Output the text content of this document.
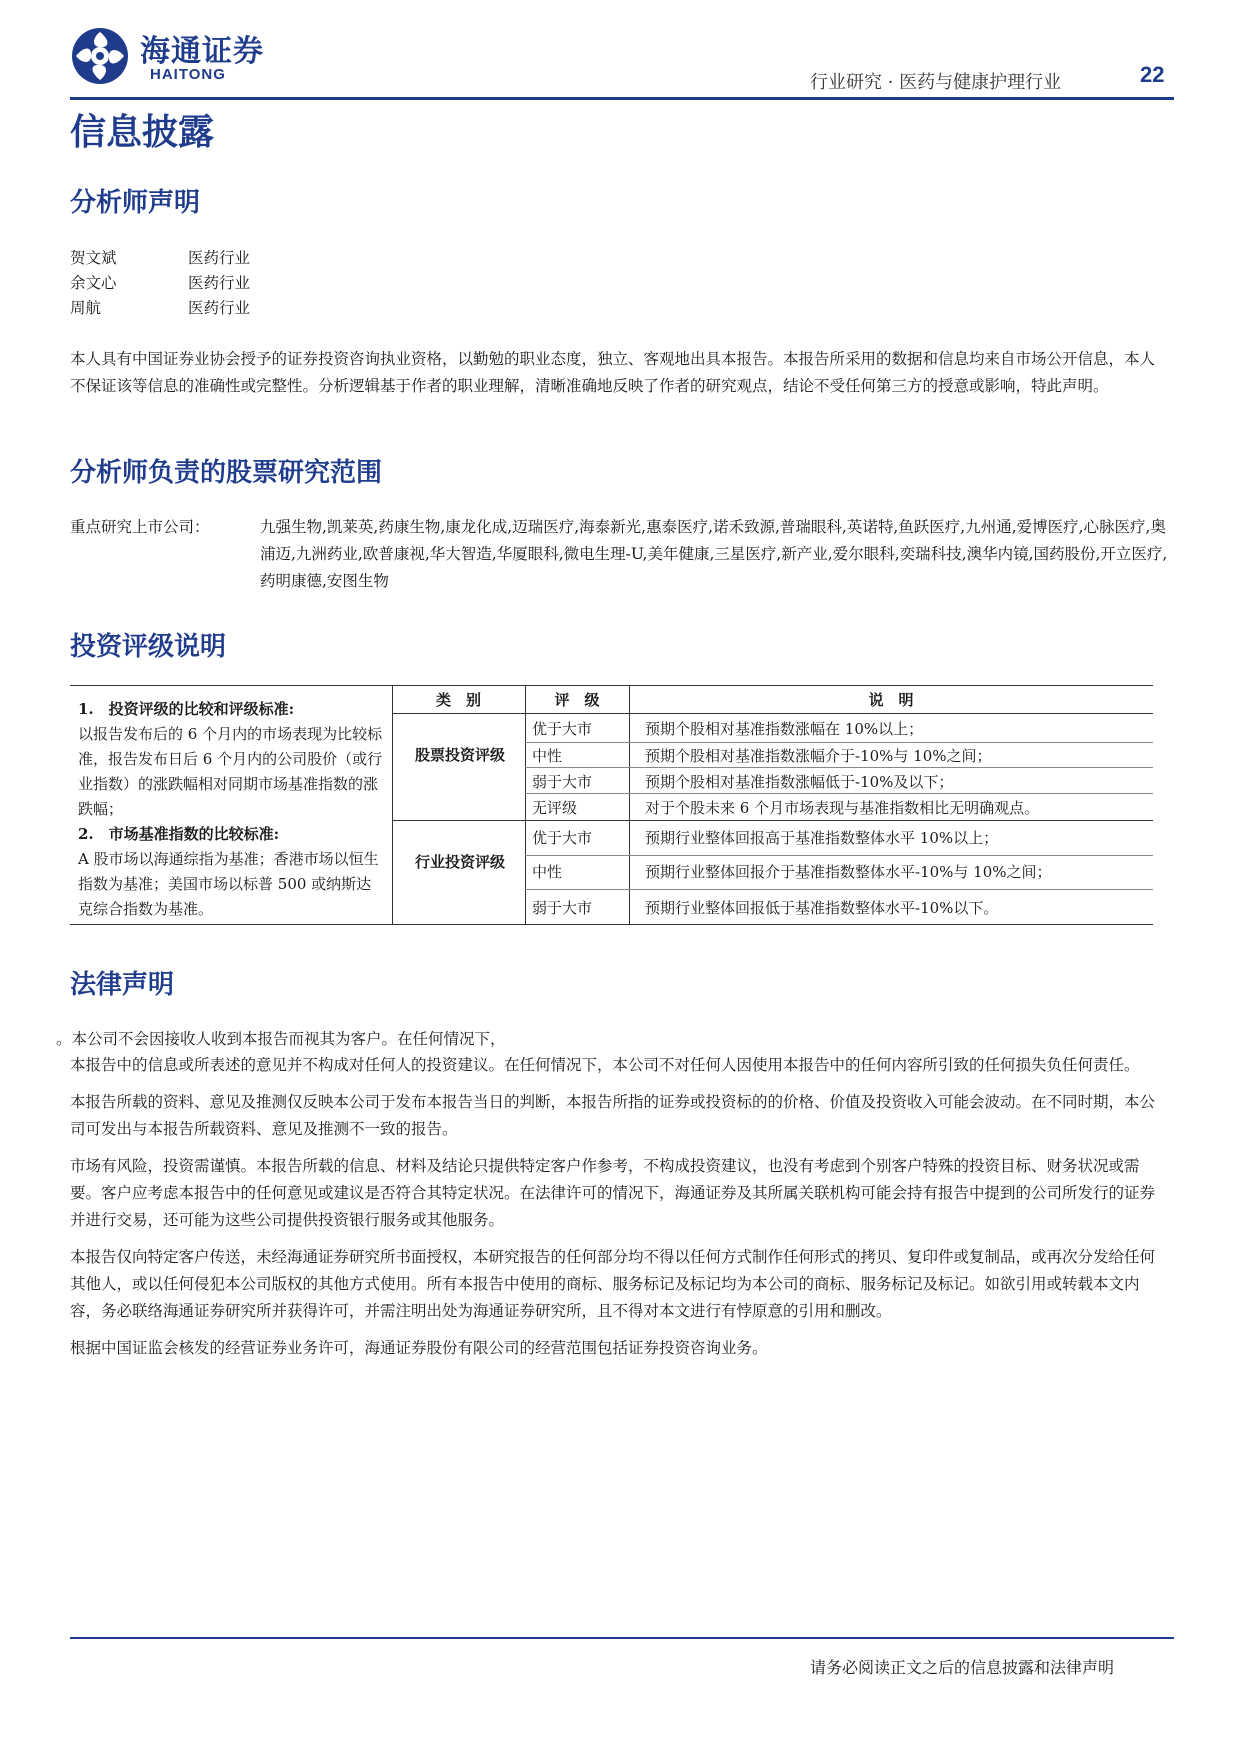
海通证券
HAITONG	行业研究 · 医药与健康护理行业	22
信息披露
分析师声明
贺文斌	医药行业
余文心	医药行业
周航	医药行业
本人具有中国证券业协会授予的证券投资咨询执业资格，以勤勉的职业态度，独立、客观地出具本报告。本报告所采用的数据和信息均来自市场公开信息，本人不保证该等信息的准确性或完整性。分析逻辑基于作者的职业理解，清晰准确地反映了作者的研究观点，结论不受任何第三方的授意或影响，特此声明。
分析师负责的股票研究范围
重点研究上市公司：	九强生物,凯莱英,药康生物,康龙化成,迈瑞医疗,海泰新光,惠泰医疗,诺禾致源,普瑞眼科,英诺特,鱼跃医疗,九州通,爱博医疗,心脉医疗,奥浦迈,九洲药业,欧普康视,华大智造,华厦眼科,微电生理-U,美年健康,三星医疗,新产业,爱尔眼科,奕瑞科技,澳华内镜,国药股份,开立医疗,药明康德,安图生物
投资评级说明
1.　投资评级的比较和评级标准:
以报告发布后的 6 个月内的市场表现为比较标准，报告发布日后 6 个月内的公司股价（或行业指数）的涨跌幅相对同期市场基准指数的涨跌幅；
2.　市场基准指数的比较标准:
A 股市场以海通综指为基准；香港市场以恒生指数为基准；美国市场以标普 500 或纳斯达克综合指数为基准。
类　别	评　级	说　明
股票投资评级
优于大市	预期个股相对基准指数涨幅在 10%以上；
中性	预期个股相对基准指数涨幅介于-10%与 10%之间；
弱于大市	预期个股相对基准指数涨幅低于-10%及以下；
无评级	对于个股未来 6 个月市场表现与基准指数相比无明确观点。
行业投资评级
优于大市	预期行业整体回报高于基准指数整体水平 10%以上；
中性	预期行业整体回报介于基准指数整体水平-10%与 10%之间；
弱于大市	预期行业整体回报低于基准指数整体水平-10%以下。
法律声明
。本公司不会因接收人收到本报告而视其为客户。在任何情况下，

本报告中的信息或所表述的意见并不构成对任何人的投资建议。在任何情况下，本公司不对任何人因使用本报告中的任何内容所引致的任何损失负任何责任。

本报告所载的资料、意见及推测仅反映本公司于发布本报告当日的判断，本报告所指的证券或投资标的的价格、价值及投资收入可能会波动。在不同时期，本公司可发出与本报告所载资料、意见及推测不一致的报告。

市场有风险，投资需谨慎。本报告所载的信息、材料及结论只提供特定客户作参考，不构成投资建议，也没有考虑到个别客户特殊的投资目标、财务状况或需要。客户应考虑本报告中的任何意见或建议是否符合其特定状况。在法律许可的情况下，海通证券及其所属关联机构可能会持有报告中提到的公司所发行的证券并进行交易，还可能为这些公司提供投资银行服务或其他服务。

本报告仅向特定客户传送，未经海通证券研究所书面授权，本研究报告的任何部分均不得以任何方式制作任何形式的拷贝、复印件或复制品，或再次分发给任何其他人，或以任何侵犯本公司版权的其他方式使用。所有本报告中使用的商标、服务标记及标记均为本公司的商标、服务标记及标记。如欲引用或转载本文内容，务必联络海通证券研究所并获得许可，并需注明出处为海通证券研究所，且不得对本文进行有悖原意的引用和删改。

根据中国证监会核发的经营证券业务许可，海通证券股份有限公司的经营范围包括证券投资咨询业务。

请务必阅读正文之后的信息披露和法律声明
